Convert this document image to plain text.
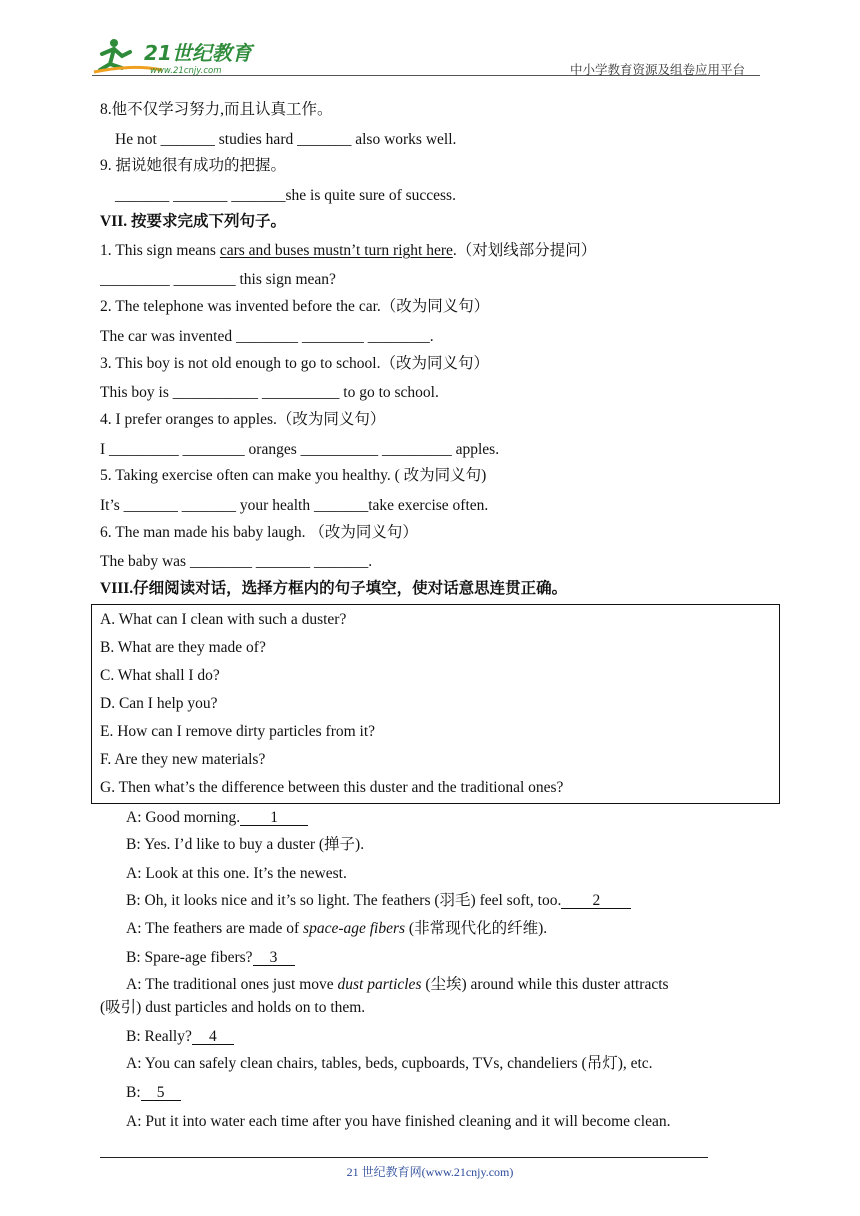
21世纪教育
www.21cnjy.com	中小学教育资源及组卷应用平台
8.他不仅学习努力,而且认真工作。
He not _______ studies hard _______ also works well.
9. 据说她很有成功的把握。
_______ _______ _______she is quite sure of success.
VII. 按要求完成下列句子。
1. This sign means cars and buses mustn’t turn right here.（对划线部分提问）
_________ ________ this sign mean?
2. The telephone was invented before the car.（改为同义句）
The car was invented ________ ________ ________.
3. This boy is not old enough to go to school.（改为同义句）
This boy is ___________ __________ to go to school.
4. I prefer oranges to apples.（改为同义句）
I _________ ________ oranges __________ _________ apples.
5. Taking exercise often can make you healthy. ( 改为同义句)
It’s _______ _______ your health _______take exercise often.
6. The man made his baby laugh. （改为同义句）
The baby was ________ _______ _______.
VIII.仔细阅读对话，选择方框内的句子填空，使对话意思连贯正确。
A. What can I clean with such a duster?
B. What are they made of?
C. What shall I do?
D. Can I help you?
E. How can I remove dirty particles from it?
F. Are they new materials?
G. Then what’s the difference between this duster and the traditional ones?
A: Good morning. 1
B: Yes. I’d like to buy a duster (掸子).
A: Look at this one. It’s the newest.
B: Oh, it looks nice and it’s so light. The feathers (羽毛) feel soft, too. 2
A: The feathers are made of space-age fibers (非常现代化的纤维).
B: Spare-age fibers? 3
A: The traditional ones just move dust particles (尘埃) around while this duster attracts
(吸引) dust particles and holds on to them.
B: Really? 4
A: You can safely clean chairs, tables, beds, cupboards, TVs, chandeliers (吊灯), etc.
B: 5
A: Put it into water each time after you have finished cleaning and it will become clean.
21 世纪教育网(www.21cnjy.com)
